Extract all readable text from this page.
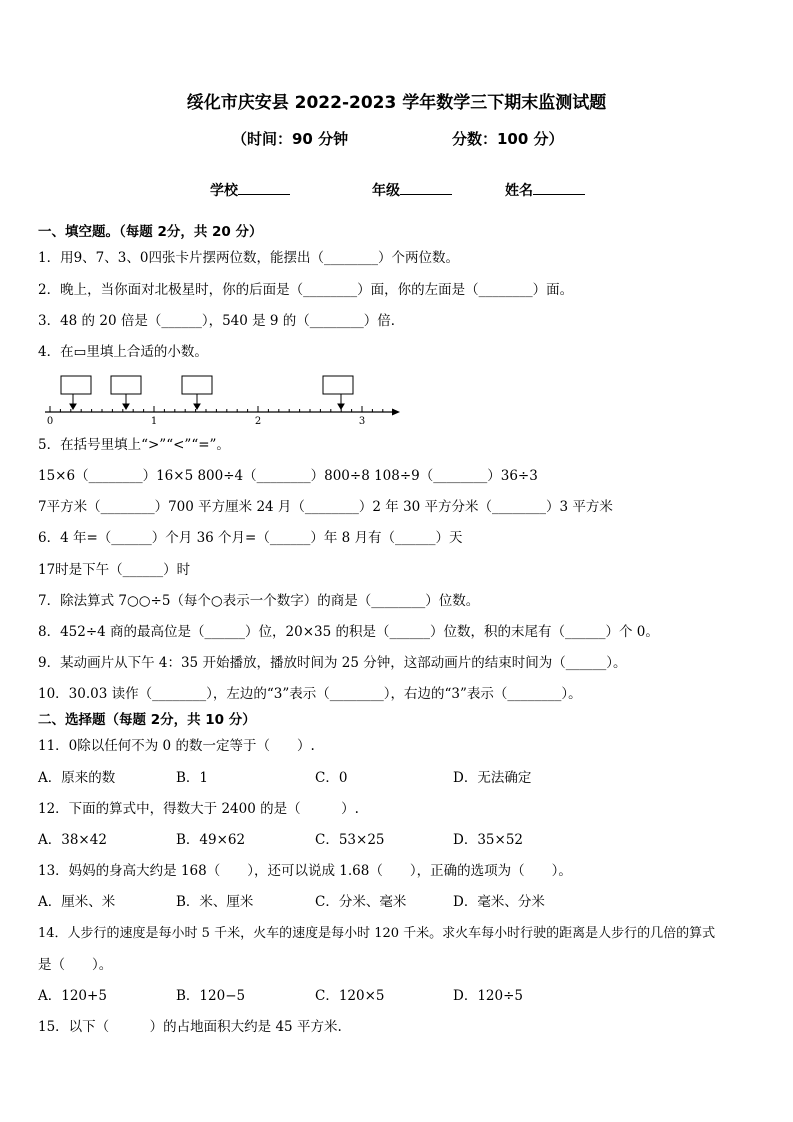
绥化市庆安县 2022-2023 学年数学三下期末监测试题
（时间：90 分钟	分数：100 分）
学校	年级	姓名
一、填空题。（每题 2分，共 20 分）
1．用9、7、3、0四张卡片摆两位数，能摆出（________）个两位数。
2．晚上，当你面对北极星时，你的后面是（________）面，你的左面是（________）面。
3．48 的 20 倍是（______），540 是 9 的（________）倍．
4．在▭里填上合适的小数。
0	1	2	3
5．在括号里填上“>”“<”“=”。
15×6（________）16×5 800÷4（________）800÷8 108÷9（________）36÷3
7平方米（________）700 平方厘米 24 月（________）2 年 30 平方分米（________）3 平方米
6．4 年=（______）个月 36 个月=（______）年 8 月有（______）天
17时是下午（______）时
7．除法算式 7○○÷5（每个○表示一个数字）的商是（________）位数。
8．452÷4 商的最高位是（______）位，20×35 的积是（______）位数，积的末尾有（______）个 0。
9．某动画片从下午 4：35 开始播放，播放时间为 25 分钟，这部动画片的结束时间为（______）。
10．30.03 读作（________），左边的“3”表示（________），右边的“3”表示（________）。
二、选择题（每题 2分，共 10 分）
11．0除以任何不为 0 的数一定等于（　　）.
A．原来的数	B．1	C．0	D．无法确定
12．下面的算式中，得数大于 2400 的是（　　　）.
A．38×42	B．49×62	C．53×25	D．35×52
13．妈妈的身高大约是 168（　　），还可以说成 1.68（　　），正确的选项为（　　）。
A．厘米、米	B．米、厘米	C．分米、毫米	D．毫米、分米
14．人步行的速度是每小时 5 千米，火车的速度是每小时 120 千米。求火车每小时行驶的距离是人步行的几倍的算式
是（　　）。
A．120+5	B．120−5	C．120×5	D．120÷5
15．以下（　　　）的占地面积大约是 45 平方米.
